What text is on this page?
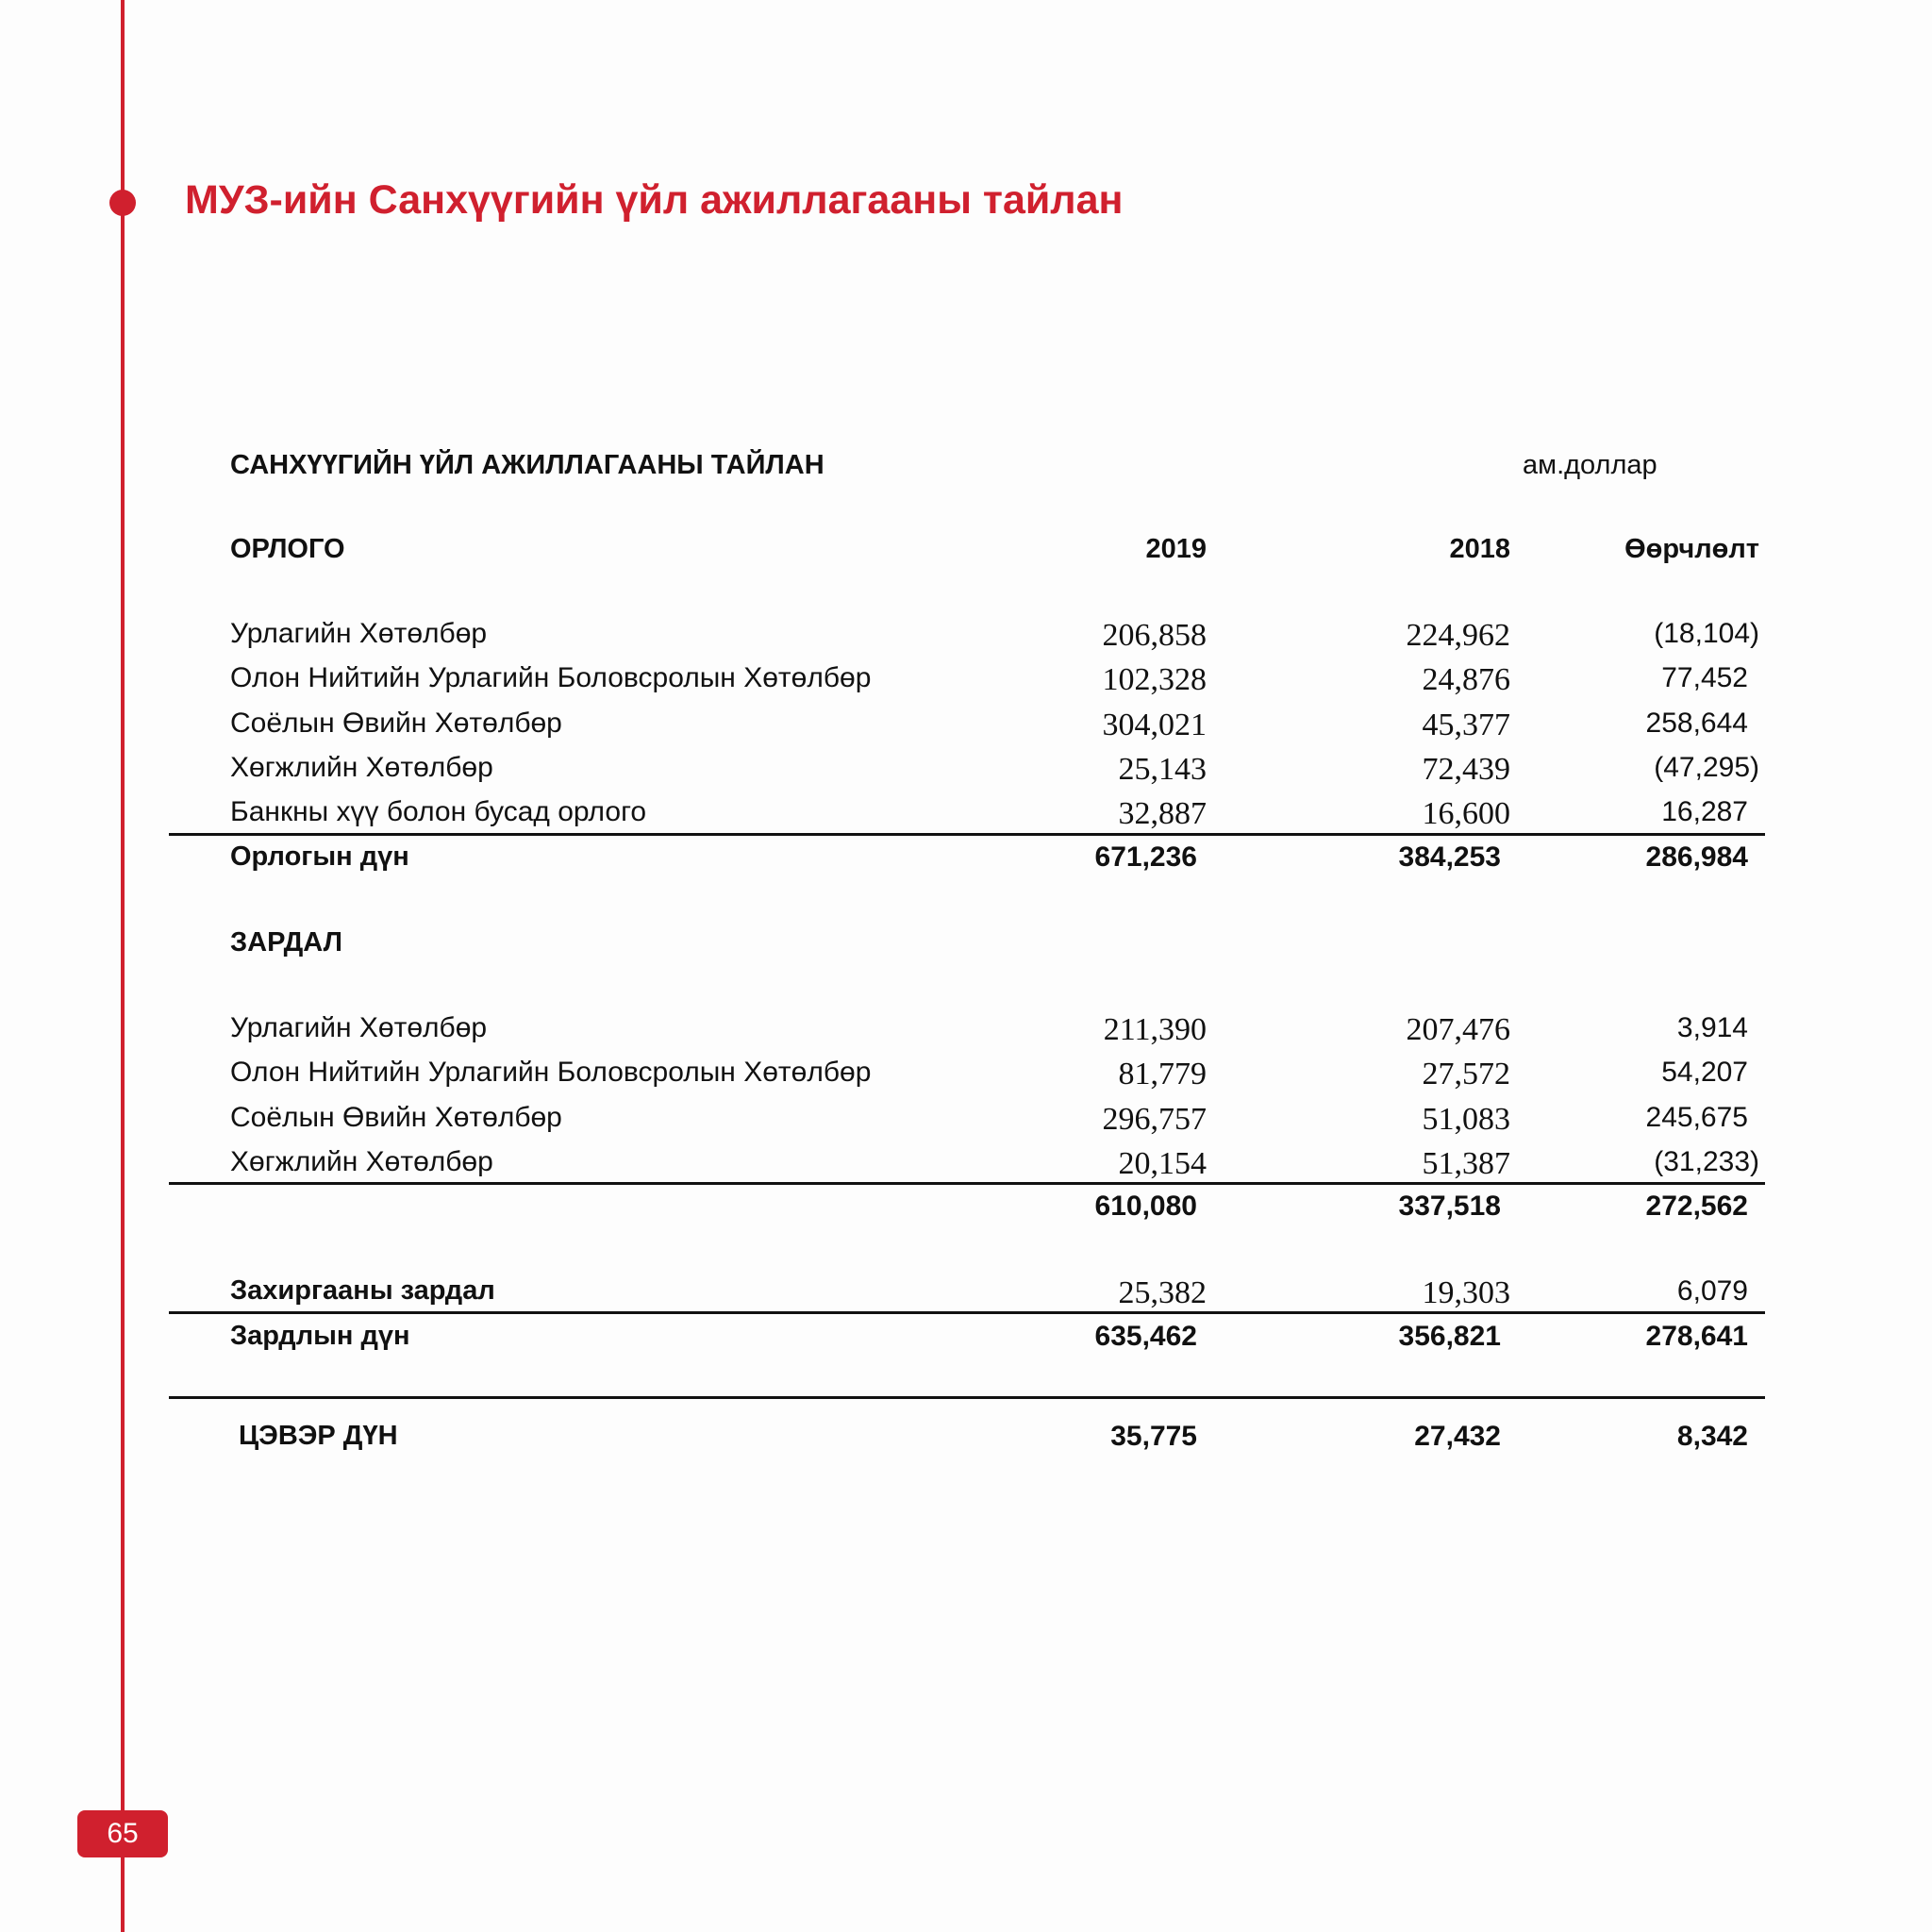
МУЗ-ийн Санхүүгийн үйл ажиллагааны тайлан
65
САНХҮҮГИЙН ҮЙЛ АЖИЛЛАГААНЫ ТАЙЛАН	ам.доллар
ОРЛОГО	2019	2018	Өөрчлөлт
Урлагийн Хөтөлбөр	206,858	224,962	(18,104)
Олон Нийтийн Урлагийн Боловсролын Хөтөлбөр	102,328	24,876	77,452
Соёлын Өвийн Хөтөлбөр	304,021	45,377	258,644
Хөгжлийн Хөтөлбөр	25,143	72,439	(47,295)
Банкны хүү болон бусад орлого	32,887	16,600	16,287
Орлогын дүн	671,236	384,253	286,984
ЗАРДАЛ
Урлагийн Хөтөлбөр	211,390	207,476	3,914
Олон Нийтийн Урлагийн Боловсролын Хөтөлбөр	81,779	27,572	54,207
Соёлын Өвийн Хөтөлбөр	296,757	51,083	245,675
Хөгжлийн Хөтөлбөр	20,154	51,387	(31,233)
610,080	337,518	272,562
Захиргааны зардал	25,382	19,303	6,079
Зардлын дүн	635,462	356,821	278,641
ЦЭВЭР ДҮН	35,775	27,432	8,342
